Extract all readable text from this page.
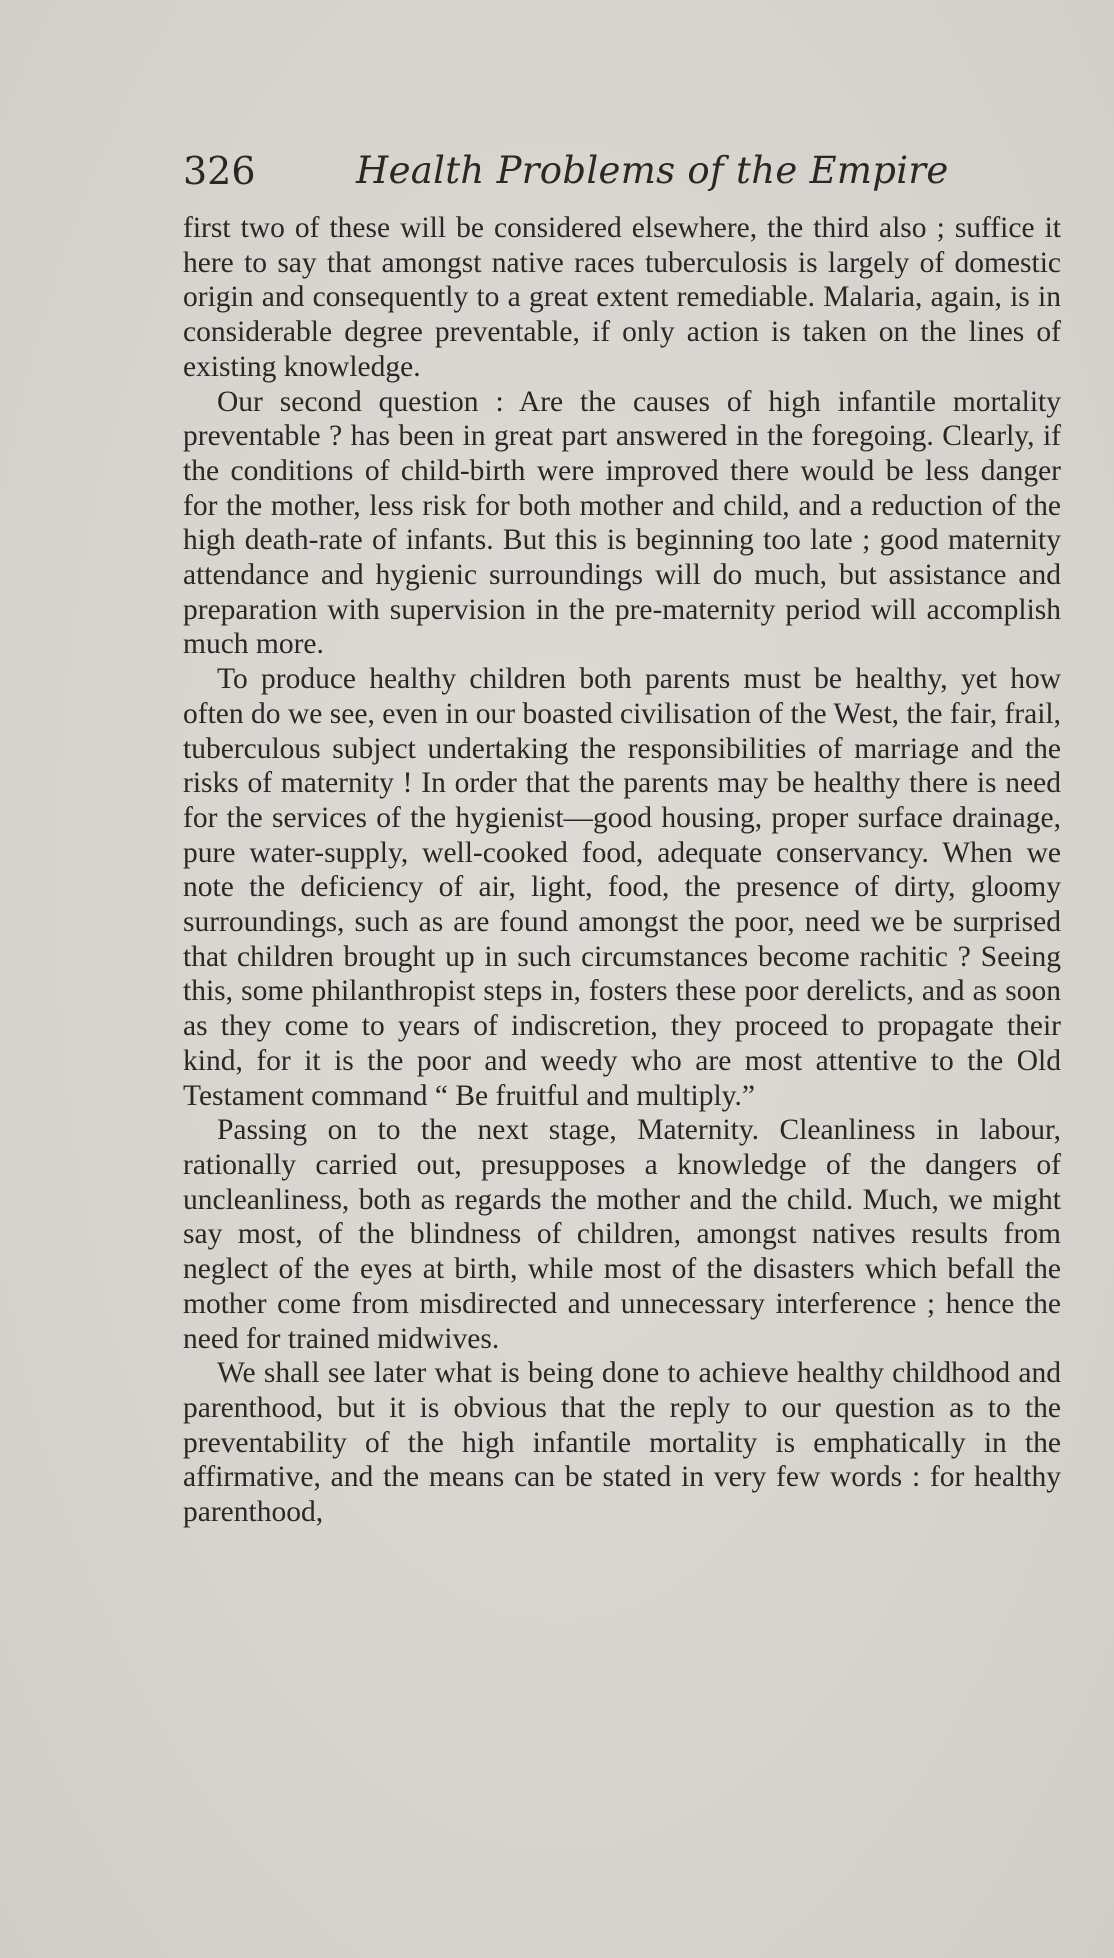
326	Health Problems of the Empire

first two of these will be considered elsewhere, the third also ; suffice it here to say that amongst native races tuberculosis is largely of domestic origin and consequently to a great extent remediable. Malaria, again, is in considerable degree preventable, if only action is taken on the lines of existing knowledge.

Our second question : Are the causes of high infantile mortality preventable ? has been in great part answered in the foregoing. Clearly, if the conditions of child-birth were improved there would be less danger for the mother, less risk for both mother and child, and a reduction of the high death-rate of infants. But this is beginning too late ; good maternity attendance and hygienic surroundings will do much, but assistance and preparation with supervision in the pre-maternity period will accomplish much more.

To produce healthy children both parents must be healthy, yet how often do we see, even in our boasted civilisation of the West, the fair, frail, tuberculous subject undertaking the responsibilities of marriage and the risks of maternity ! In order that the parents may be healthy there is need for the services of the hygienist—good housing, proper surface drainage, pure water-supply, well-cooked food, adequate conservancy. When we note the deficiency of air, light, food, the presence of dirty, gloomy surroundings, such as are found amongst the poor, need we be surprised that children brought up in such circumstances become rachitic ? Seeing this, some philanthropist steps in, fosters these poor derelicts, and as soon as they come to years of indiscretion, they proceed to propagate their kind, for it is the poor and weedy who are most attentive to the Old Testament command “ Be fruitful and multiply.”

Passing on to the next stage, Maternity. Cleanliness in labour, rationally carried out, presupposes a knowledge of the dangers of uncleanliness, both as regards the mother and the child. Much, we might say most, of the blindness of children, amongst natives results from neglect of the eyes at birth, while most of the disasters which befall the mother come from misdirected and unnecessary interference ; hence the need for trained midwives.

We shall see later what is being done to achieve healthy childhood and parenthood, but it is obvious that the reply to our question as to the preventability of the high infantile mortality is emphatically in the affirmative, and the means can be stated in very few words : for healthy parenthood,
